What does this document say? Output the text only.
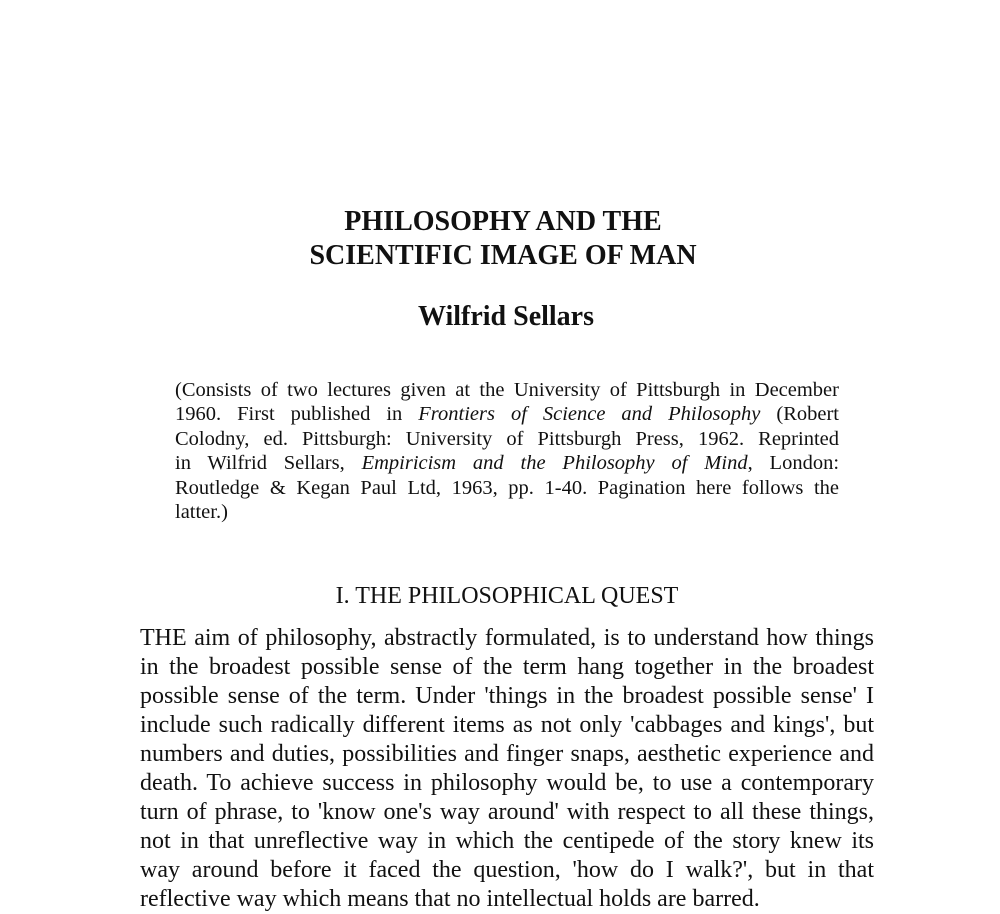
PHILOSOPHY AND THE
SCIENTIFIC IMAGE OF MAN
Wilfrid Sellars
(Consists of two lectures given at the University of Pittsburgh in December
1960. First published in Frontiers of Science and Philosophy (Robert
Colodny, ed. Pittsburgh: University of Pittsburgh Press, 1962. Reprinted
in Wilfrid Sellars, Empiricism and the Philosophy of Mind, London:
Routledge & Kegan Paul Ltd, 1963, pp. 1-40. Pagination here follows the
latter.)
I. THE PHILOSOPHICAL QUEST
THE aim of philosophy, abstractly formulated, is to understand how things
in the broadest possible sense of the term hang together in the broadest
possible sense of the term. Under 'things in the broadest possible sense' I
include such radically different items as not only 'cabbages and kings', but
numbers and duties, possibilities and finger snaps, aesthetic experience and
death. To achieve success in philosophy would be, to use a contemporary
turn of phrase, to 'know one's way around' with respect to all these things,
not in that unreflective way in which the centipede of the story knew its
way around before it faced the question, 'how do I walk?', but in that
reflective way which means that no intellectual holds are barred.
